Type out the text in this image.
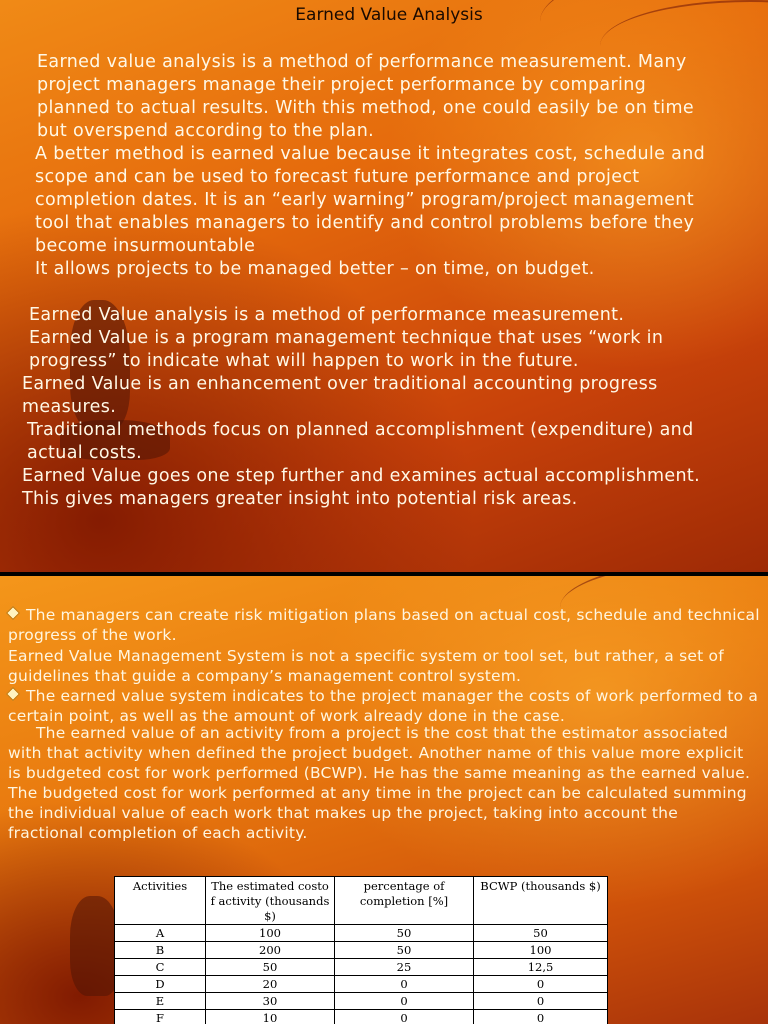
Earned Value Analysis
Earned value analysis is a method of performance measurement. Many
project managers manage their project performance by comparing
planned to actual results. With this method, one could easily be on time
but overspend according to the plan.
A better method is earned value because it integrates cost, schedule and
scope and can be used to forecast future performance and project
completion dates. It is an “early warning” program/project management
tool that enables managers to identify and control problems before they
become insurmountable
It allows projects to be managed better – on time, on budget.
Earned Value analysis is a method of performance measurement.
Earned Value is a program management technique that uses “work in
progress” to indicate what will happen to work in the future.
Earned Value is an enhancement over traditional accounting progress
measures.
Traditional methods focus on planned accomplishment (expenditure) and
actual costs.
Earned Value goes one step further and examines actual accomplishment.
This gives managers greater insight into potential risk areas.
The managers can create risk mitigation plans based on actual cost, schedule and technical progress of the work.
Earned Value Management System is not a specific system or tool set, but rather, a set of guidelines that guide a company’s management control system.
The earned value system indicates to the project manager the costs of work performed to a certain point, as well as the amount of work already done in the case.
The earned value of an activity from a project is the cost that the estimator associated with that activity when defined the project budget. Another name of this value more explicit is budgeted cost for work performed (BCWP). He has the same meaning as the earned value. The budgeted cost for work performed at any time in the project can be calculated summing the individual value of each work that makes up the project, taking into account the fractional completion of each activity.
Activities	The estimated costo f activity (thousands $)	percentage of completion [%]	BCWP (thousands $)
A	100	50	50
B	200	50	100
C	50	25	12,5
D	20	0	0
E	30	0	0
F	10	0	0
